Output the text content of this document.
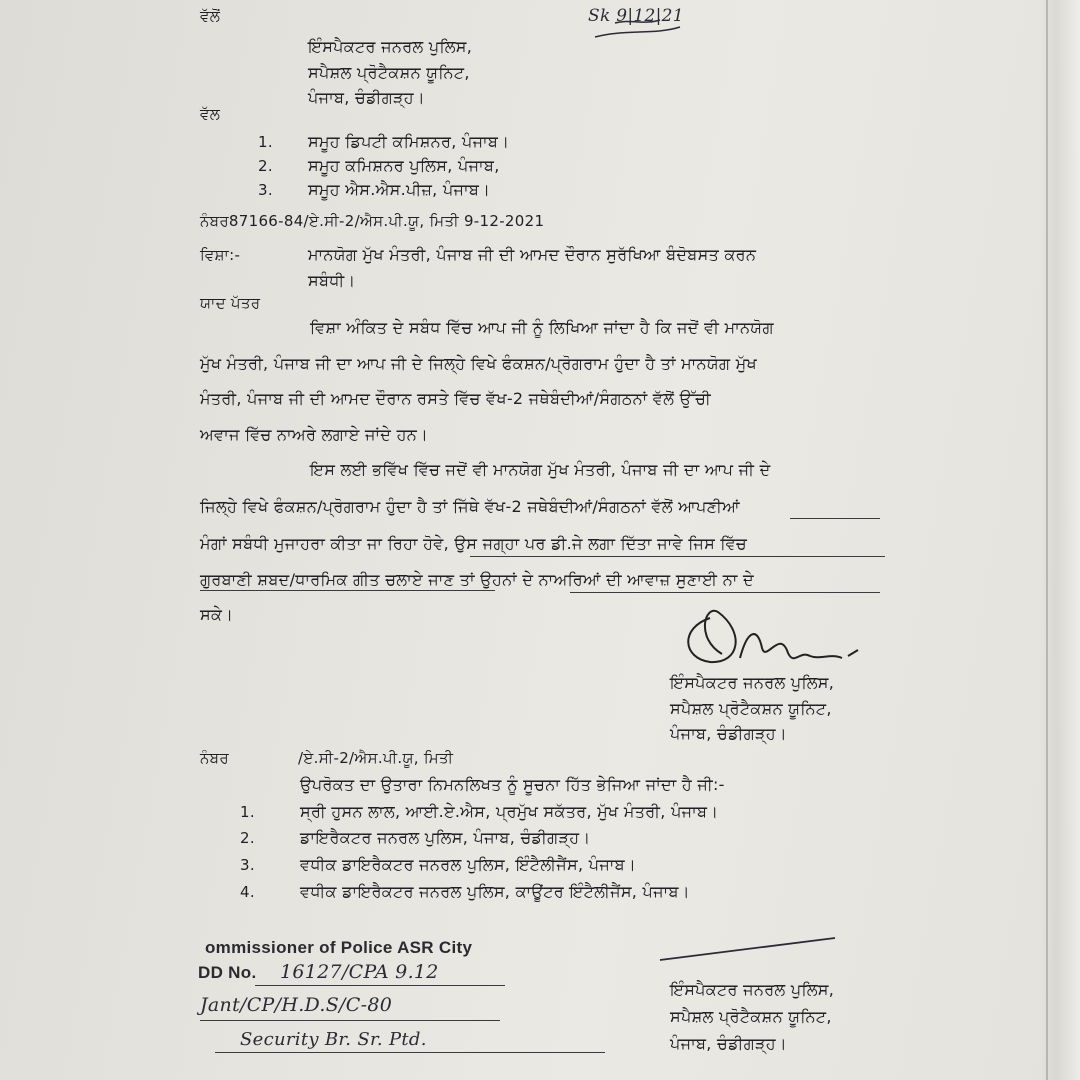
Sk 9|12|21
ਵੱਲੋਂ
ਇੰਸਪੈਕਟਰ ਜਨਰਲ ਪੁਲਿਸ,
ਸਪੈਸ਼ਲ ਪ੍ਰੋਟੈਕਸ਼ਨ ਯੂਨਿਟ,
ਪੰਜਾਬ, ਚੰਡੀਗੜ੍ਹ।
ਵੱਲ
1. ਸਮੂਹ ਡਿਪਟੀ ਕਮਿਸ਼ਨਰ, ਪੰਜਾਬ।
2. ਸਮੂਹ ਕਮਿਸ਼ਨਰ ਪੁਲਿਸ, ਪੰਜਾਬ,
3. ਸਮੂਹ ਐਸ.ਐਸ.ਪੀਜ਼, ਪੰਜਾਬ।
ਨੰਬਰ87166-84/ਏ.ਸੀ-2/ਐਸ.ਪੀ.ਯੂ, ਮਿਤੀ 9-12-2021
ਵਿਸ਼ਾ:-	ਮਾਨਯੋਗ ਮੁੱਖ ਮੰਤਰੀ, ਪੰਜਾਬ ਜੀ ਦੀ ਆਮਦ ਦੌਰਾਨ ਸੁਰੱਖਿਆ ਬੰਦੋਬਸਤ ਕਰਨ
ਸਬੰਧੀ।
ਯਾਦ ਪੱਤਰ
ਵਿਸ਼ਾ ਅੰਕਿਤ ਦੇ ਸਬੰਧ ਵਿੱਚ ਆਪ ਜੀ ਨੂੰ ਲਿਖਿਆ ਜਾਂਦਾ ਹੈ ਕਿ ਜਦੋਂ ਵੀ ਮਾਨਯੋਗ
ਮੁੱਖ ਮੰਤਰੀ, ਪੰਜਾਬ ਜੀ ਦਾ ਆਪ ਜੀ ਦੇ ਜਿਲ੍ਹੇ ਵਿਖੇ ਫੰਕਸ਼ਨ/ਪ੍ਰੋਗਰਾਮ ਹੁੰਦਾ ਹੈ ਤਾਂ ਮਾਨਯੋਗ ਮੁੱਖ
ਮੰਤਰੀ, ਪੰਜਾਬ ਜੀ ਦੀ ਆਮਦ ਦੌਰਾਨ ਰਸਤੇ ਵਿੱਚ ਵੱਖ-2 ਜਥੇਬੰਦੀਆਂ/ਸੰਗਠਨਾਂ ਵੱਲੋਂ ਉੱਚੀ
ਅਵਾਜ ਵਿੱਚ ਨਾਅਰੇ ਲਗਾਏ ਜਾਂਦੇ ਹਨ।
ਇਸ ਲਈ ਭਵਿੱਖ ਵਿੱਚ ਜਦੋਂ ਵੀ ਮਾਨਯੋਗ ਮੁੱਖ ਮੰਤਰੀ, ਪੰਜਾਬ ਜੀ ਦਾ ਆਪ ਜੀ ਦੇ
ਜਿਲ੍ਹੇ ਵਿਖੇ ਫੰਕਸ਼ਨ/ਪ੍ਰੋਗਰਾਮ ਹੁੰਦਾ ਹੈ ਤਾਂ ਜਿੱਥੇ ਵੱਖ-2 ਜਥੇਬੰਦੀਆਂ/ਸੰਗਠਨਾਂ ਵੱਲੋਂ ਆਪਣੀਆਂ
ਮੰਗਾਂ ਸਬੰਧੀ ਮੁਜਾਹਰਾ ਕੀਤਾ ਜਾ ਰਿਹਾ ਹੋਵੇ, ਉਸ ਜਗ੍ਹਾ ਪਰ ਡੀ.ਜੇ ਲਗਾ ਦਿੱਤਾ ਜਾਵੇ ਜਿਸ ਵਿੱਚ
ਗੁਰਬਾਣੀ ਸ਼ਬਦ/ਧਾਰਮਿਕ ਗੀਤ ਚਲਾਏ ਜਾਣ ਤਾਂ ਉਹਨਾਂ ਦੇ ਨਾਅਰਿਆਂ ਦੀ ਆਵਾਜ਼ ਸੁਣਾਈ ਨਾ ਦੇ
ਸਕੇ।
ਇੰਸਪੈਕਟਰ ਜਨਰਲ ਪੁਲਿਸ,
ਸਪੈਸ਼ਲ ਪ੍ਰੋਟੈਕਸ਼ਨ ਯੂਨਿਟ,
ਪੰਜਾਬ, ਚੰਡੀਗੜ੍ਹ।
ਨੰਬਰ	/ਏ.ਸੀ-2/ਐਸ.ਪੀ.ਯੂ, ਮਿਤੀ
ਉਪਰੋਕਤ ਦਾ ਉਤਾਰਾ ਨਿਮਨਲਿਖਤ ਨੂੰ ਸੂਚਨਾ ਹਿੱਤ ਭੇਜਿਆ ਜਾਂਦਾ ਹੈ ਜੀ:-
1.	ਸ੍ਰੀ ਹੁਸਨ ਲਾਲ, ਆਈ.ਏ.ਐਸ, ਪ੍ਰਮੁੱਖ ਸਕੱਤਰ, ਮੁੱਖ ਮੰਤਰੀ, ਪੰਜਾਬ।
2.	ਡਾਇਰੈਕਟਰ ਜਨਰਲ ਪੁਲਿਸ, ਪੰਜਾਬ, ਚੰਡੀਗੜ੍ਹ।
3.	ਵਧੀਕ ਡਾਇਰੈਕਟਰ ਜਨਰਲ ਪੁਲਿਸ, ਇੰਟੈਲੀਜੈਂਸ, ਪੰਜਾਬ।
4.	ਵਧੀਕ ਡਾਇਰੈਕਟਰ ਜਨਰਲ ਪੁਲਿਸ, ਕਾਊਂਟਰ ਇੰਟੈਲੀਜੈਂਸ, ਪੰਜਾਬ।
ommissioner of Police ASR City
DD No. 16127/CPA 9.12
Jant/CP/H.D.S/C-80
Security Br. Sr. Ptd.
ਇੰਸਪੈਕਟਰ ਜਨਰਲ ਪੁਲਿਸ,
ਸਪੈਸ਼ਲ ਪ੍ਰੋਟੈਕਸ਼ਨ ਯੂਨਿਟ,
ਪੰਜਾਬ, ਚੰਡੀਗੜ੍ਹ।
